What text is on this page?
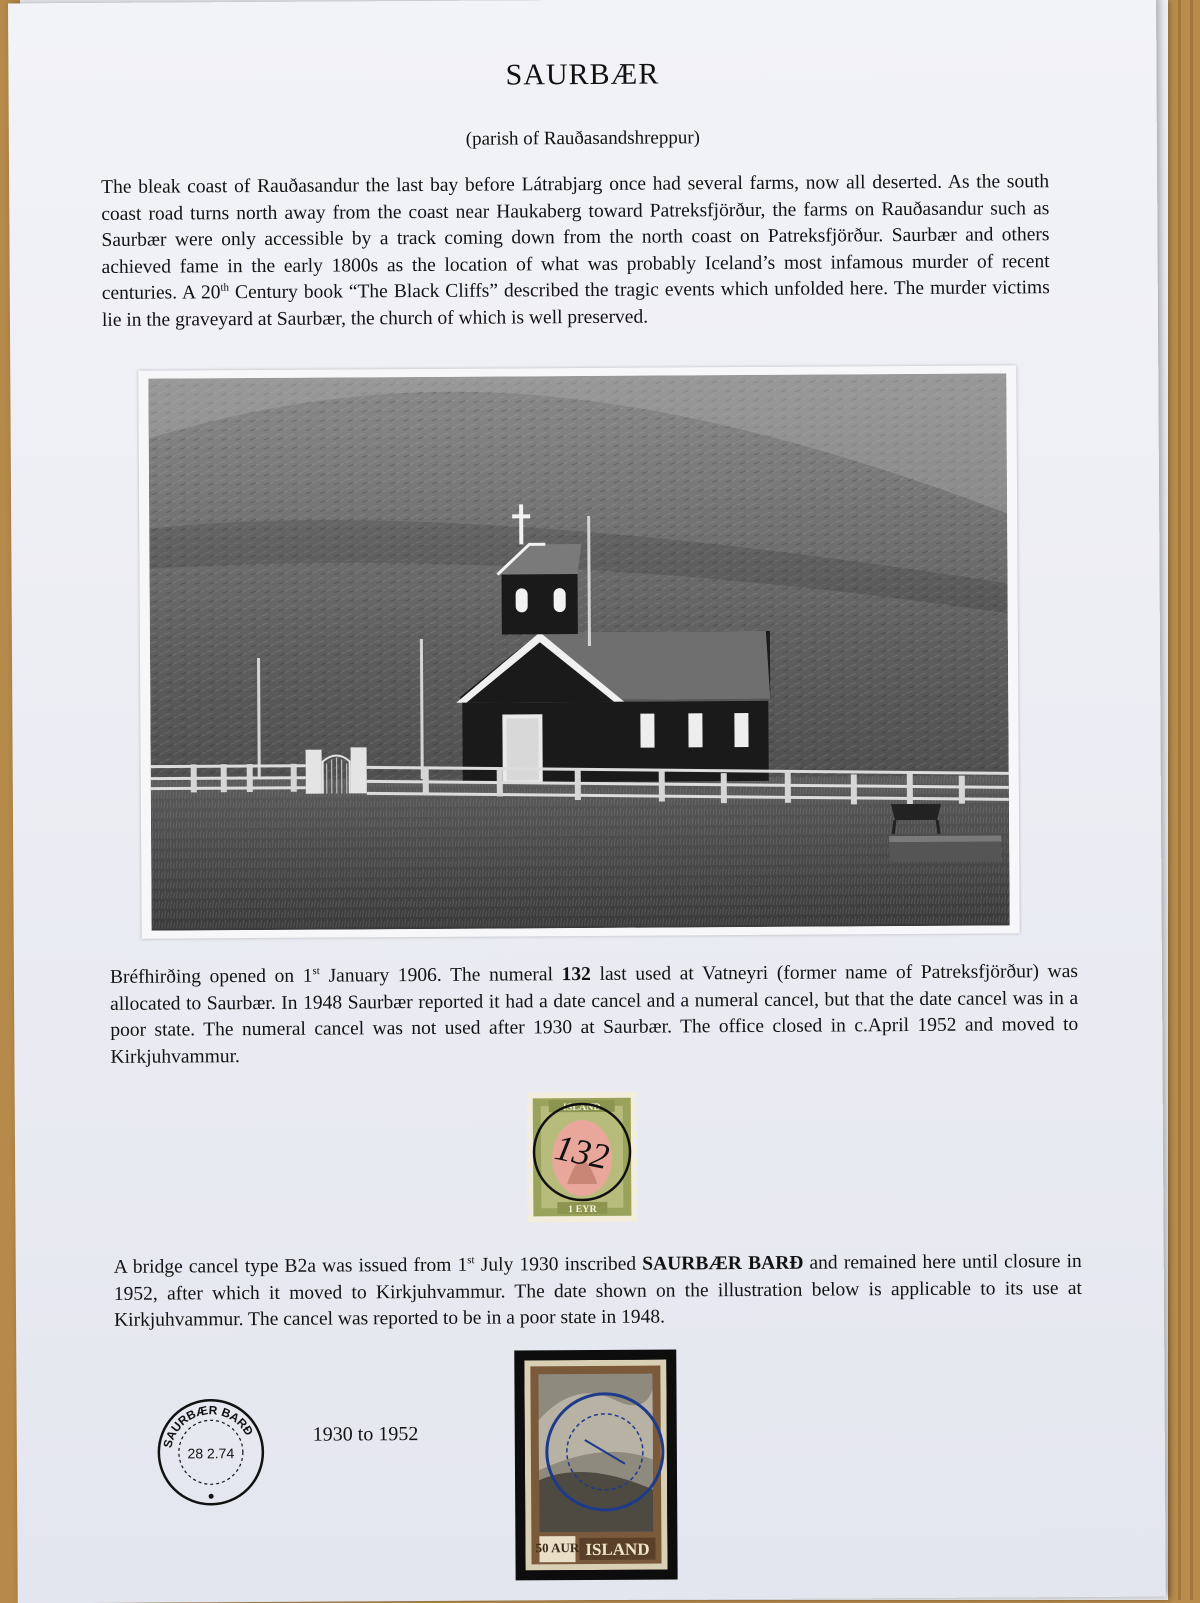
SAURBÆR
(parish of Rauðasandshreppur)
The bleak coast of Rauðasandur the last bay before Látrabjarg once had several farms, now all deserted. As the south coast road turns north away from the coast near Haukaberg toward Patreksfjörður, the farms on Rauðasandur such as Saurbær were only accessible by a track coming down from the north coast on Patreksfjörður. Saurbær and others achieved fame in the early 1800s as the location of what was probably Iceland’s most infamous murder of recent centuries. A 20th Century book “The Black Cliffs” described the tragic events which unfolded here. The murder victims lie in the graveyard at Saurbær, the church of which is well preserved.
Bréfhirðing opened on 1st January 1906. The numeral 132 last used at Vatneyri (former name of Patreksfjörður) was allocated to Saurbær. In 1948 Saurbær reported it had a date cancel and a numeral cancel, but that the date cancel was in a poor state. The numeral cancel was not used after 1930 at Saurbær. The office closed in c.April 1952 and moved to Kirkjuhvammur.
ISLAND
1 EYR
132
A bridge cancel type B2a was issued from 1st July 1930 inscribed SAURBÆR BARÐ and remained here until closure in 1952, after which it moved to Kirkjuhvammur. The date shown on the illustration below is applicable to its use at Kirkjuhvammur. The cancel was reported to be in a poor state in 1948.
SAURBÆR BARÐ
28 2.74
1930 to 1952
50 AUR ISLAND
